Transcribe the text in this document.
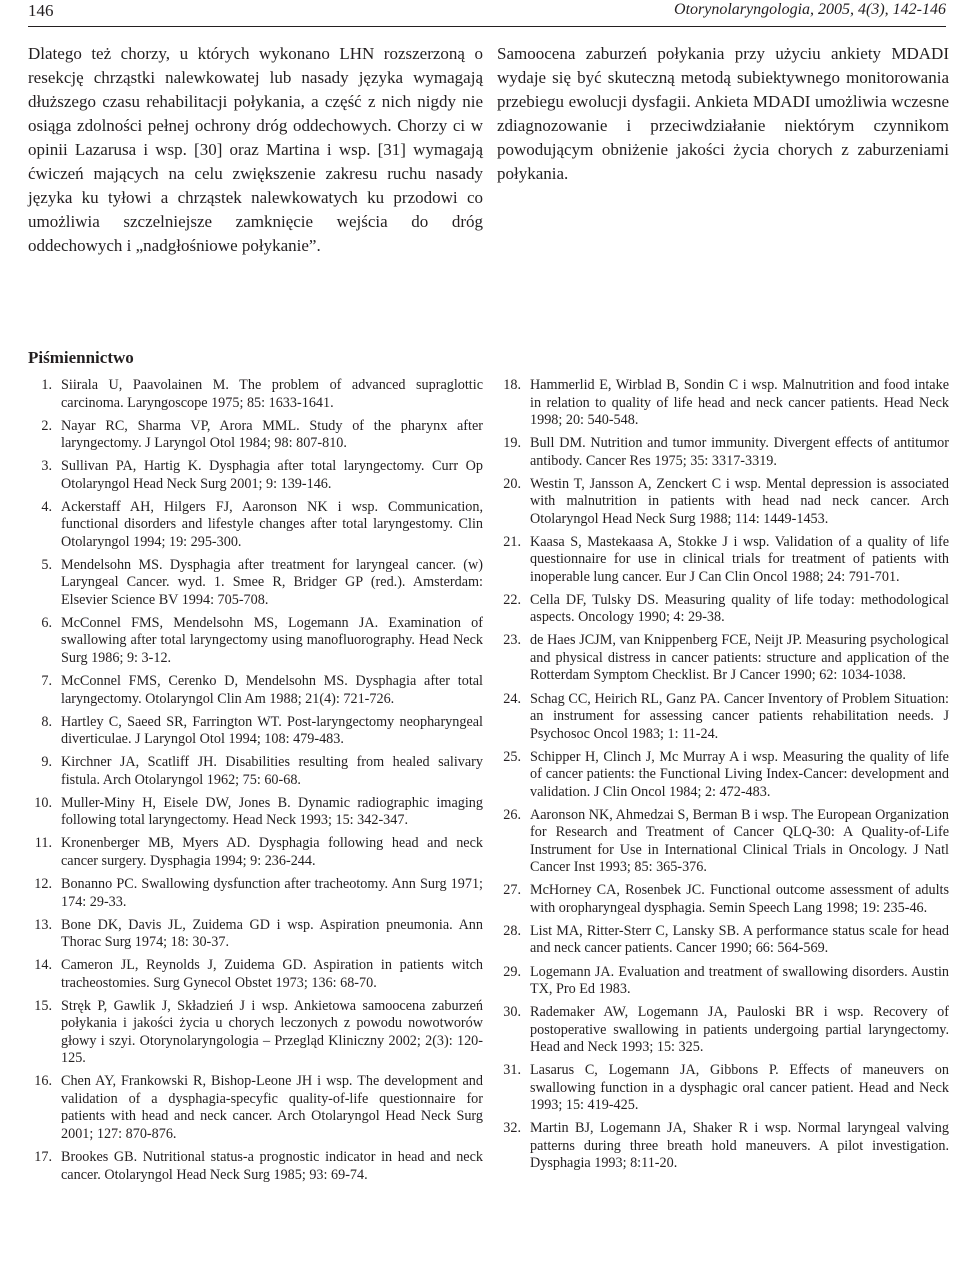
146	Otorynolaryngologia, 2005, 4(3), 142-146

Dlatego też chorzy, u których wykonano LHN rozszerzoną o resekcję chrząstki nalewkowatej lub nasady języka wymagają dłuższego czasu rehabilitacji połykania, a część z nich nigdy nie osiąga zdolności pełnej ochrony dróg oddechowych. Chorzy ci w opinii Lazarusa i wsp. [30] oraz Martina i wsp. [31] wymagają ćwiczeń mających na celu zwiększenie zakresu ruchu nasady języka ku tyłowi a chrząstek nalewkowatych ku przodowi co umożliwia szczelniejsze zamknięcie wejścia do dróg oddechowych i „nadgłośniowe połykanie”.

Samoocena zaburzeń połykania przy użyciu ankiety MDADI wydaje się być skuteczną metodą subiektywnego monitorowania przebiegu ewolucji dysfagii. Ankieta MDADI umożliwia wczesne zdiagnozowanie i przeciwdziałanie niektórym czynnikom powodującym obniżenie jakości życia chorych z zaburzeniami połykania.

Piśmiennictwo
1. Siirala U, Paavolainen M. The problem of advanced supraglottic carcinoma. Laryngoscope 1975; 85: 1633-1641.
2. Nayar RC, Sharma VP, Arora MML. Study of the pharynx after laryngectomy. J Laryngol Otol 1984; 98: 807-810.
3. Sullivan PA, Hartig K. Dysphagia after total laryngectomy. Curr Op Otolaryngol Head Neck Surg 2001; 9: 139-146.
4. Ackerstaff AH, Hilgers FJ, Aaronson NK i wsp. Communication, functional disorders and lifestyle changes after total laryngestomy. Clin Otolaryngol 1994; 19: 295-300.
5. Mendelsohn MS. Dysphagia after treatment for laryngeal cancer. (w) Laryngeal Cancer. wyd. 1. Smee R, Bridger GP (red.). Amsterdam: Elsevier Science BV 1994: 705-708.
6. McConnel FMS, Mendelsohn MS, Logemann JA. Examination of swallowing after total laryngectomy using manofluorography. Head Neck Surg 1986; 9: 3-12.
7. McConnel FMS, Cerenko D, Mendelsohn MS. Dysphagia after total laryngectomy. Otolaryngol Clin Am 1988; 21(4): 721-726.
8. Hartley C, Saeed SR, Farrington WT. Post-laryngectomy neopharyngeal diverticulae. J Laryngol Otol 1994; 108: 479-483.
9. Kirchner JA, Scatliff JH. Disabilities resulting from healed salivary fistula. Arch Otolaryngol 1962; 75: 60-68.
10. Muller-Miny H, Eisele DW, Jones B. Dynamic radiographic imaging following total laryngectomy. Head Neck 1993; 15: 342-347.
11. Kronenberger MB, Myers AD. Dysphagia following head and neck cancer surgery. Dysphagia 1994; 9: 236-244.
12. Bonanno PC. Swallowing dysfunction after tracheotomy. Ann Surg 1971; 174: 29-33.
13. Bone DK, Davis JL, Zuidema GD i wsp. Aspiration pneumonia. Ann Thorac Surg 1974; 18: 30-37.
14. Cameron JL, Reynolds J, Zuidema GD. Aspiration in patients witch tracheostomies. Surg Gynecol Obstet 1973; 136: 68-70.
15. Stręk P, Gawlik J, Składzień J i wsp. Ankietowa samoocena zaburzeń połykania i jakości życia u chorych leczonych z powodu nowotworów głowy i szyi. Otorynolaryngologia – Przegląd Kliniczny 2002; 2(3): 120-125.
16. Chen AY, Frankowski R, Bishop-Leone JH i wsp. The development and validation of a dysphagia-specyfic quality-of-life questionnaire for patients with head and neck cancer. Arch Otolaryngol Head Neck Surg 2001; 127: 870-876.
17. Brookes GB. Nutritional status-a prognostic indicator in head and neck cancer. Otolaryngol Head Neck Surg 1985; 93: 69-74.
18. Hammerlid E, Wirblad B, Sondin C i wsp. Malnutrition and food intake in relation to quality of life head and neck cancer patients. Head Neck 1998; 20: 540-548.
19. Bull DM. Nutrition and tumor immunity. Divergent effects of antitumor antibody. Cancer Res 1975; 35: 3317-3319.
20. Westin T, Jansson A, Zenckert C i wsp. Mental depression is associated with malnutrition in patients with head nad neck cancer. Arch Otolaryngol Head Neck Surg 1988; 114: 1449-1453.
21. Kaasa S, Mastekaasa A, Stokke J i wsp. Validation of a quality of life questionnaire for use in clinical trials for treatment of patients with inoperable lung cancer. Eur J Can Clin Oncol 1988; 24: 791-701.
22. Cella DF, Tulsky DS. Measuring quality of life today: methodological aspects. Oncology 1990; 4: 29-38.
23. de Haes JCJM, van Knippenberg FCE, Neijt JP. Measuring psychological and physical distress in cancer patients: structure and application of the Rotterdam Symptom Checklist. Br J Cancer 1990; 62: 1034-1038.
24. Schag CC, Heirich RL, Ganz PA. Cancer Inventory of Problem Situation: an instrument for assessing cancer patients rehabilitation needs. J Psychosoc Oncol 1983; 1: 11-24.
25. Schipper H, Clinch J, Mc Murray A i wsp. Measuring the quality of life of cancer patients: the Functional Living Index-Cancer: development and validation. J Clin Oncol 1984; 2: 472-483.
26. Aaronson NK, Ahmedzai S, Berman B i wsp. The European Organization for Research and Treatment of Cancer QLQ-30: A Quality-of-Life Instrument for Use in International Clinical Trials in Oncology. J Natl Cancer Inst 1993; 85: 365-376.
27. McHorney CA, Rosenbek JC. Functional outcome assessment of adults with oropharyngeal dysphagia. Semin Speech Lang 1998; 19: 235-46.
28. List MA, Ritter-Sterr C, Lansky SB. A performance status scale for head and neck cancer patients. Cancer 1990; 66: 564-569.
29. Logemann JA. Evaluation and treatment of swallowing disorders. Austin TX, Pro Ed 1983.
30. Rademaker AW, Logemann JA, Pauloski BR i wsp. Recovery of postoperative swallowing in patients undergoing partial laryngectomy. Head and Neck 1993; 15: 325.
31. Lasarus C, Logemann JA, Gibbons P. Effects of maneuvers on swallowing function in a dysphagic oral cancer patient. Head and Neck 1993; 15: 419-425.
32. Martin BJ, Logemann JA, Shaker R i wsp. Normal laryngeal valving patterns during three breath hold maneuvers. A pilot investigation. Dysphagia 1993; 8:11-20.
